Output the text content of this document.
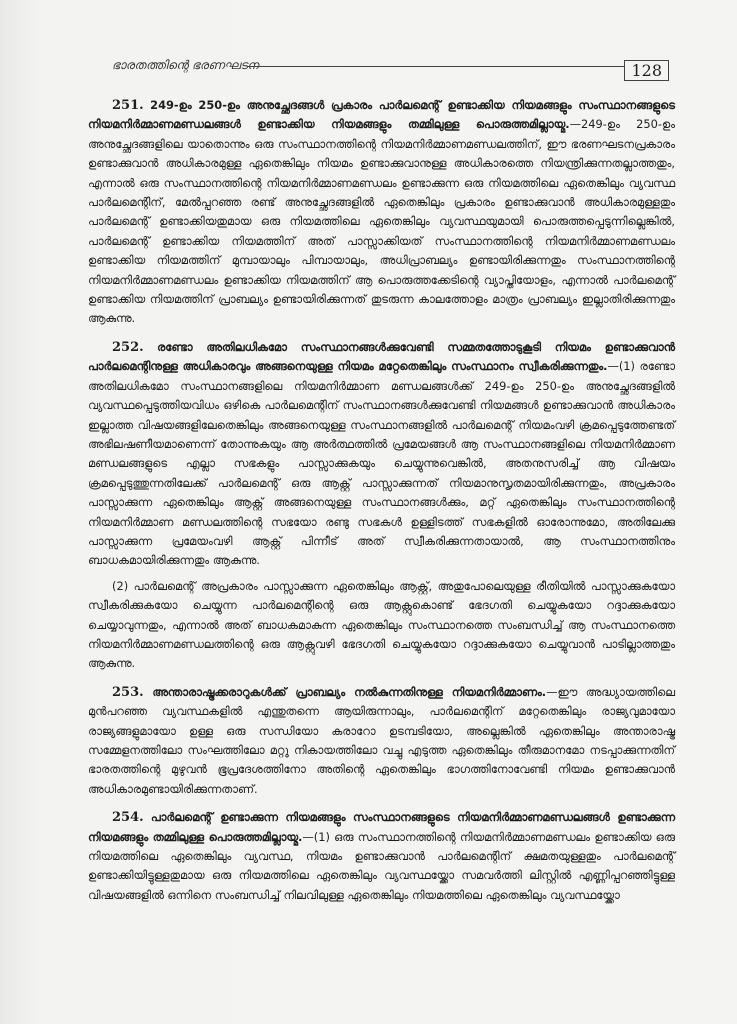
ഭാരതത്തിന്റെ ഭരണഘടന	128

251. 249-ഉം 250-ഉം അനുച്ഛേദങ്ങൾ പ്രകാരം പാർലമെന്റ് ഉണ്ടാക്കിയ നിയമങ്ങളും സംസ്ഥാനങ്ങളുടെ നിയമനിർമ്മാണമണ്ഡലങ്ങൾ ഉണ്ടാക്കിയ നിയമങ്ങളും തമ്മിലുള്ള പൊരുത്തമില്ലായ്മ.—249-ഉം 250-ഉം അനുച്ഛേദങ്ങളിലെ യാതൊന്നും ഒരു സംസ്ഥാനത്തിന്റെ നിയമനിർമ്മാണമണ്ഡലത്തിന്, ഈ ഭരണഘടനപ്രകാരം ഉണ്ടാക്കുവാൻ അധികാരമുള്ള ഏതെങ്കിലും നിയമം ഉണ്ടാക്കുവാനുള്ള അധികാരത്തെ നിയന്ത്രിക്കുന്നതല്ലാത്തതും, എന്നാൽ ഒരു സംസ്ഥാനത്തിന്റെ നിയമനിർമ്മാണമണ്ഡലം ഉണ്ടാക്കുന്ന ഒരു നിയമത്തിലെ ഏതെങ്കിലും വ്യവസ്ഥ പാർലമെന്റിന്, മേൽപ്പറഞ്ഞ രണ്ട് അനുച്ഛേദങ്ങളിൽ ഏതെങ്കിലും പ്രകാരം ഉണ്ടാക്കുവാൻ അധികാരമുള്ളതും പാർലമെന്റ് ഉണ്ടാക്കിയതുമായ ഒരു നിയമത്തിലെ ഏതെങ്കിലും വ്യവസ്ഥയുമായി പൊരുത്തപ്പെടുന്നില്ലെങ്കിൽ, പാർലമെന്റ് ഉണ്ടാക്കിയ നിയമത്തിന് അത് പാസ്സാക്കിയത് സംസ്ഥാനത്തിന്റെ നിയമനിർമ്മാണമണ്ഡലം ഉണ്ടാക്കിയ നിയമത്തിന് മുമ്പായാലും പിമ്പായാലും, അധിപ്രാബല്യം ഉണ്ടായിരിക്കുന്നതും സംസ്ഥാനത്തിന്റെ നിയമനിർമ്മാണമണ്ഡലം ഉണ്ടാക്കിയ നിയമത്തിന് ആ പൊരുത്തക്കേടിന്റെ വ്യാപ്തിയോളം, എന്നാൽ പാർലമെന്റ് ഉണ്ടാക്കിയ നിയമത്തിന് പ്രാബല്യം ഉണ്ടായിരിക്കുന്നത് തുടരുന്ന കാലത്തോളം മാത്രം പ്രാബല്യം ഇല്ലാതിരിക്കുന്നതും ആകുന്നു.

252. രണ്ടോ അതിലധികമോ സംസ്ഥാനങ്ങൾക്കുവേണ്ടി സമ്മതത്തോടുകൂടി നിയമം ഉണ്ടാക്കുവാൻ പാർലമെന്റിനുള്ള അധികാരവും അങ്ങനെയുള്ള നിയമം മറ്റേതെങ്കിലും സംസ്ഥാനം സ്വീകരിക്കുന്നതും.—(1) രണ്ടോ അതിലധികമോ സംസ്ഥാനങ്ങളിലെ നിയമനിർമ്മാണ മണ്ഡലങ്ങൾക്ക് 249-ഉം 250-ഉം അനുച്ഛേദങ്ങളിൽ വ്യവസ്ഥപ്പെടുത്തിയവിധം ഒഴികെ പാർലമെന്റിന് സംസ്ഥാനങ്ങൾക്കുവേണ്ടി നിയമങ്ങൾ ഉണ്ടാക്കുവാൻ അധികാരം ഇല്ലാത്ത വിഷയങ്ങളിലേതെങ്കിലും അങ്ങനെയുള്ള സംസ്ഥാനങ്ങളിൽ പാർലമെന്റ് നിയമംവഴി ക്രമപ്പെടുത്തേണ്ടത് അഭിലഷണീയമാണെന്ന് തോന്നുകയും ആ അർത്ഥത്തിൽ പ്രമേയങ്ങൾ ആ സംസ്ഥാനങ്ങളിലെ നിയമനിർമ്മാണ മണ്ഡലങ്ങളുടെ എല്ലാ സഭകളും പാസ്സാക്കുകയും ചെയ്യുന്നുവെങ്കിൽ, അതനുസരിച്ച് ആ വിഷയം ക്രമപ്പെടുത്തുന്നതിലേക്ക് പാർലമെന്റ് ഒരു ആക്റ്റ് പാസ്സാക്കുന്നത് നിയമാനുസൃതമായിരിക്കുന്നതും, അപ്രകാരം പാസ്സാക്കുന്ന ഏതെങ്കിലും ആക്റ്റ് അങ്ങനെയുള്ള സംസ്ഥാനങ്ങൾക്കും, മറ്റ് ഏതെങ്കിലും സംസ്ഥാനത്തിന്റെ നിയമനിർമ്മാണ മണ്ഡലത്തിന്റെ സഭയോ രണ്ടു സഭകൾ ഉള്ളിടത്ത് സഭകളിൽ ഓരോന്നുമോ, അതിലേക്കു പാസ്സാക്കുന്ന പ്രമേയംവഴി ആക്റ്റ് പിന്നീട് അത് സ്വീകരിക്കുന്നതായാൽ, ആ സംസ്ഥാനത്തിനും ബാധകമായിരിക്കുന്നതും ആകുന്നു.

(2) പാർലമെന്റ് അപ്രകാരം പാസ്സാക്കുന്ന ഏതെങ്കിലും ആക്റ്റ്, അതുപോലെയുള്ള രീതിയിൽ പാസ്സാക്കുകയോ സ്വീകരിക്കുകയോ ചെയ്യുന്ന പാർലമെന്റിന്റെ ഒരു ആക്റ്റുകൊണ്ട് ഭേദഗതി ചെയ്യുകയോ റദ്ദാക്കുകയോ ചെയ്യാവുന്നതും, എന്നാൽ അത് ബാധകമാകുന്ന ഏതെങ്കിലും സംസ്ഥാനത്തെ സംബന്ധിച്ച് ആ സംസ്ഥാനത്തെ നിയമനിർമ്മാണമണ്ഡലത്തിന്റെ ഒരു ആക്റ്റുവഴി ഭേദഗതി ചെയ്യുകയോ റദ്ദാക്കുകയോ ചെയ്യുവാൻ പാടില്ലാത്തതും ആകുന്നു.

253. അന്താരാഷ്ട്രക്കരാറുകൾക്ക് പ്രാബല്യം നൽകുന്നതിനുള്ള നിയമനിർമ്മാണം.—ഈ അദ്ധ്യായത്തിലെ മുൻപറഞ്ഞ വ്യവസ്ഥകളിൽ എന്തുതന്നെ ആയിരുന്നാലും, പാർലമെന്റിന് മറ്റേതെങ്കിലും രാജ്യവുമായോ രാജ്യങ്ങളുമായോ ഉള്ള ഒരു സന്ധിയോ കരാറോ ഉടമ്പടിയോ, അല്ലെങ്കിൽ ഏതെങ്കിലും അന്താരാഷ്ട്ര സമ്മേളനത്തിലോ സംഘത്തിലോ മറ്റു നികായത്തിലോ വച്ചു എടുത്ത ഏതെങ്കിലും തീരുമാനമോ നടപ്പാക്കുന്നതിന് ഭാരതത്തിന്റെ മുഴുവൻ ഭൂപ്രദേശത്തിനോ അതിന്റെ ഏതെങ്കിലും ഭാഗത്തിനോവേണ്ടി നിയമം ഉണ്ടാക്കുവാൻ അധികാരമുണ്ടായിരിക്കുന്നതാണ്.

254. പാർലമെന്റ് ഉണ്ടാക്കുന്ന നിയമങ്ങളും സംസ്ഥാനങ്ങളുടെ നിയമനിർമ്മാണമണ്ഡലങ്ങൾ ഉണ്ടാക്കുന്ന നിയമങ്ങളും തമ്മിലുള്ള പൊരുത്തമില്ലായ്മ.—(1) ഒരു സംസ്ഥാനത്തിന്റെ നിയമനിർമ്മാണമണ്ഡലം ഉണ്ടാക്കിയ ഒരു നിയമത്തിലെ ഏതെങ്കിലും വ്യവസ്ഥ, നിയമം ഉണ്ടാക്കുവാൻ പാർലമെന്റിന് ക്ഷമതയുള്ളതും പാർലമെന്റ് ഉണ്ടാക്കിയിട്ടുള്ളതുമായ ഒരു നിയമത്തിലെ ഏതെങ്കിലും വ്യവസ്ഥയ്ക്കോ സമവർത്തി ലിസ്റ്റിൽ എണ്ണിപ്പറഞ്ഞിട്ടുള്ള വിഷയങ്ങളിൽ ഒന്നിനെ സംബന്ധിച്ച് നിലവിലുള്ള ഏതെങ്കിലും നിയമത്തിലെ ഏതെങ്കിലും വ്യവസ്ഥയ്ക്കോ
